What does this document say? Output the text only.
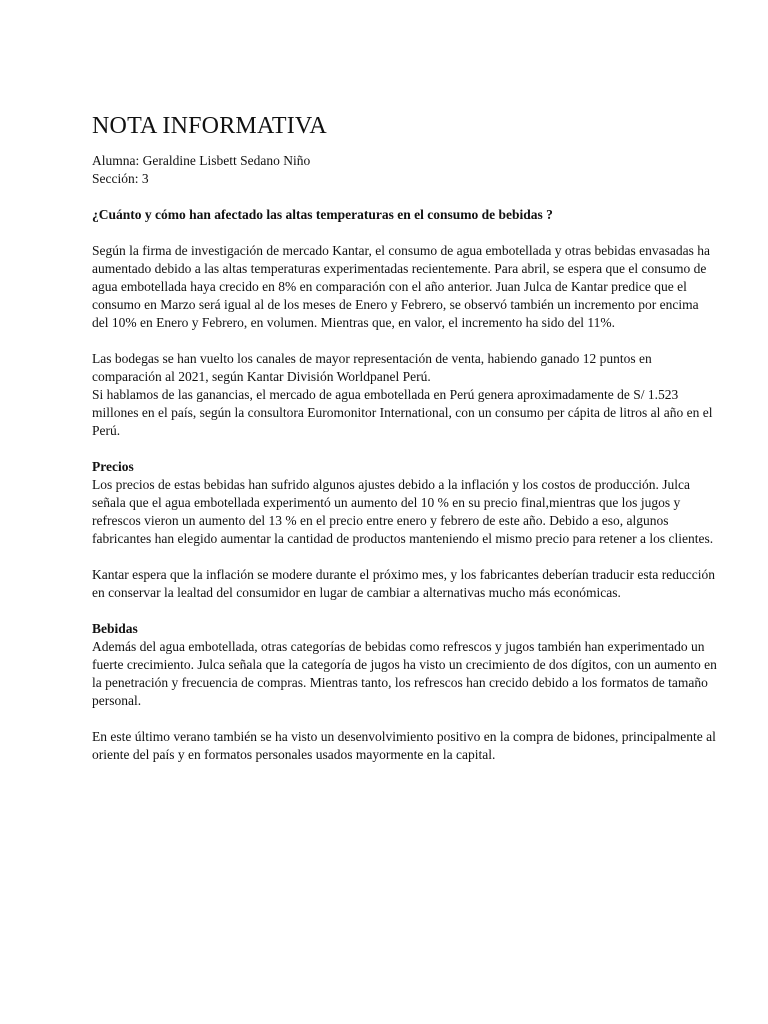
NOTA INFORMATIVA

Alumna: Geraldine Lisbett Sedano Niño

Sección: 3

¿Cuánto y cómo han afectado las altas temperaturas en el consumo de bebidas ?

Según la firma de investigación de mercado Kantar, el consumo de agua embotellada y otras bebidas envasadas ha aumentado debido a las altas temperaturas experimentadas recientemente. Para abril, se espera que el consumo de agua embotellada haya crecido en 8% en comparación con el año anterior. Juan Julca de Kantar predice que el consumo en Marzo será igual al de los meses de Enero y Febrero, se observó también un incremento por encima del 10% en Enero y Febrero, en volumen. Mientras que, en valor, el incremento ha sido del 11%.

Las bodegas se han vuelto los canales de mayor representación de venta, habiendo ganado 12 puntos en comparación al 2021, según Kantar División Worldpanel Perú.

Si hablamos de las ganancias, el mercado de agua embotellada en Perú genera aproximadamente de S/ 1.523 millones en el país, según la consultora Euromonitor International, con un consumo per cápita de litros al año en el Perú.

Precios

Los precios de estas bebidas han sufrido algunos ajustes debido a la inflación y los costos de producción. Julca señala que el agua embotellada experimentó un aumento del 10 % en su precio final,mientras que los jugos y refrescos vieron un aumento del 13 % en el precio entre enero y febrero de este año. Debido a eso, algunos fabricantes han elegido aumentar la cantidad de productos manteniendo el mismo precio para retener a los clientes.

Kantar espera que la inflación se modere durante el próximo mes, y los fabricantes deberían traducir esta reducción en conservar la lealtad del consumidor en lugar de cambiar a alternativas mucho más económicas.

Bebidas

Además del agua embotellada, otras categorías de bebidas como refrescos y jugos también han experimentado un fuerte crecimiento. Julca señala que la categoría de jugos ha visto un crecimiento de dos dígitos, con un aumento en la penetración y frecuencia de compras. Mientras tanto, los refrescos han crecido debido a los formatos de tamaño personal.

En este último verano también se ha visto un desenvolvimiento positivo en la compra de bidones, principalmente al oriente del país y en formatos personales usados mayormente en la capital.
